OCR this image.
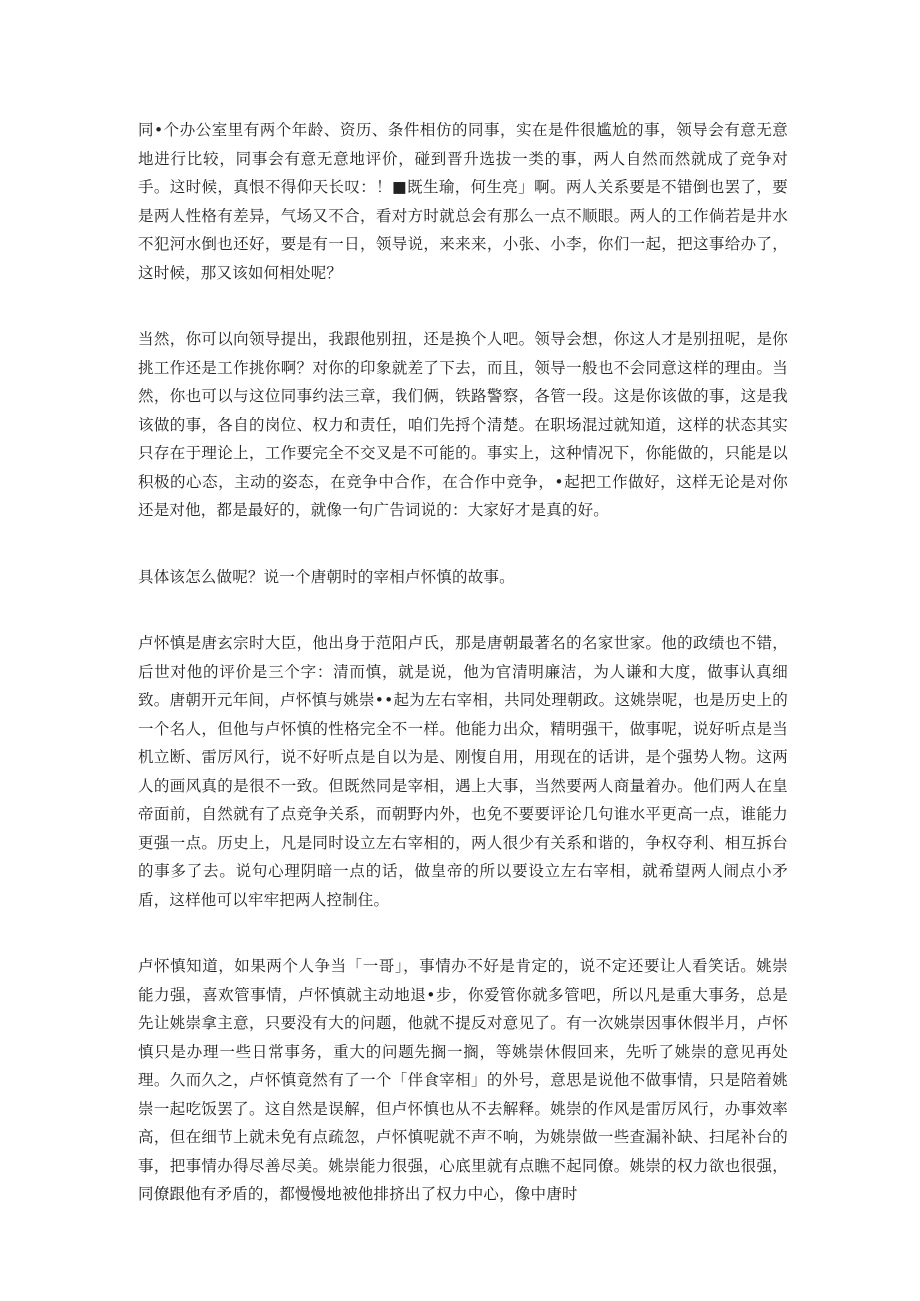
同•个办公室里有两个年龄、资历、条件相仿的同事，实在是件很尴尬的事，领导会有意无意地进行比较，同事会有意无意地评价，碰到晋升选拔一类的事，两人自然而然就成了竞争对手。这时候，真恨不得仰天长叹：！■既生瑜，何生亮」啊。两人关系要是不错倒也罢了，要是两人性格有差异，气场又不合，看对方时就总会有那么一点不顺眼。两人的工作倘若是井水不犯河水倒也还好，要是有一日，领导说，来来来，小张、小李，你们一起，把这事给办了，这时候，那又该如何相处呢？

当然，你可以向领导提出，我跟他别扭，还是换个人吧。领导会想，你这人才是别扭呢，是你挑工作还是工作挑你啊？对你的印象就差了下去，而且，领导一般也不会同意这样的理由。当然，你也可以与这位同事约法三章，我们俩，铁路警察，各管一段。这是你该做的事，这是我该做的事，各自的岗位、权力和责任，咱们先捋个清楚。在职场混过就知道，这样的状态其实只存在于理论上，工作要完全不交叉是不可能的。事实上，这种情况下，你能做的，只能是以积极的心态，主动的姿态，在竞争中合作，在合作中竞争，•起把工作做好，这样无论是对你还是对他，都是最好的，就像一句广告词说的：大家好才是真的好。

具体该怎么做呢？说一个唐朝时的宰相卢怀慎的故事。

卢怀慎是唐玄宗时大臣，他出身于范阳卢氏，那是唐朝最著名的名家世家。他的政绩也不错，后世对他的评价是三个字：清而慎，就是说，他为官清明廉洁，为人谦和大度，做事认真细致。唐朝开元年间，卢怀慎与姚崇••起为左右宰相，共同处理朝政。这姚崇呢，也是历史上的一个名人，但他与卢怀慎的性格完全不一样。他能力出众，精明强干，做事呢，说好听点是当机立断、雷厉风行，说不好听点是自以为是、刚愎自用，用现在的话讲，是个强势人物。这两人的画风真的是很不一致。但既然同是宰相，遇上大事，当然要两人商量着办。他们两人在皇帝面前，自然就有了点竞争关系，而朝野内外，也免不要要评论几句谁水平更高一点，谁能力更强一点。历史上，凡是同时设立左右宰相的，两人很少有关系和谐的，争权夺利、相互拆台的事多了去。说句心理阴暗一点的话，做皇帝的所以要设立左右宰相，就希望两人闹点小矛盾，这样他可以牢牢把两人控制住。

卢怀慎知道，如果两个人争当「一哥」，事情办不好是肯定的，说不定还要让人看笑话。姚崇能力强，喜欢管事情，卢怀慎就主动地退•步，你爱管你就多管吧，所以凡是重大事务，总是先让姚崇拿主意，只要没有大的问题，他就不提反对意见了。有一次姚崇因事休假半月，卢怀慎只是办理一些日常事务，重大的问题先搁一搁，等姚崇休假回来，先听了姚崇的意见再处理。久而久之，卢怀慎竟然有了一个「伴食宰相」的外号，意思是说他不做事情，只是陪着姚崇一起吃饭罢了。这自然是误解，但卢怀慎也从不去解释。姚崇的作风是雷厉风行，办事效率高，但在细节上就未免有点疏忽，卢怀慎呢就不声不响，为姚崇做一些查漏补缺、扫尾补台的事，把事情办得尽善尽美。姚崇能力很强，心底里就有点瞧不起同僚。姚崇的权力欲也很强，同僚跟他有矛盾的，都慢慢地被他排挤出了权力中心，像中唐时
